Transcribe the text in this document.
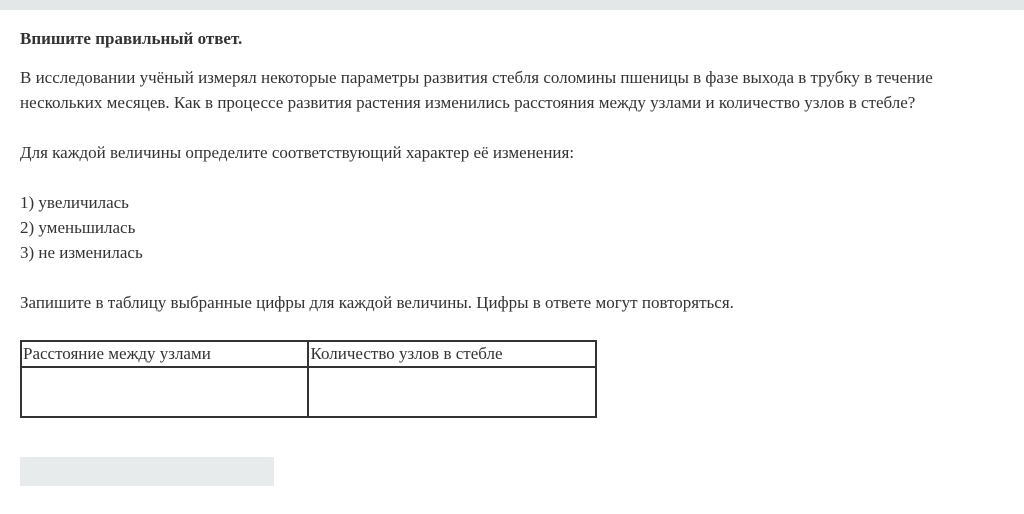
Впишите правильный ответ.

В исследовании учёный измерял некоторые параметры развития стебля соломины пшеницы в фазе выхода в трубку в течение
нескольких месяцев. Как в процессе развития растения изменились расстояния между узлами и количество узлов в стебле?

Для каждой величины определите соответствующий характер её изменения:

1) увеличилась
2) уменьшилась
3) не изменилась

Запишите в таблицу выбранные цифры для каждой величины. Цифры в ответе могут повторяться.

Расстояние между узлами	Количество узлов в стебле
